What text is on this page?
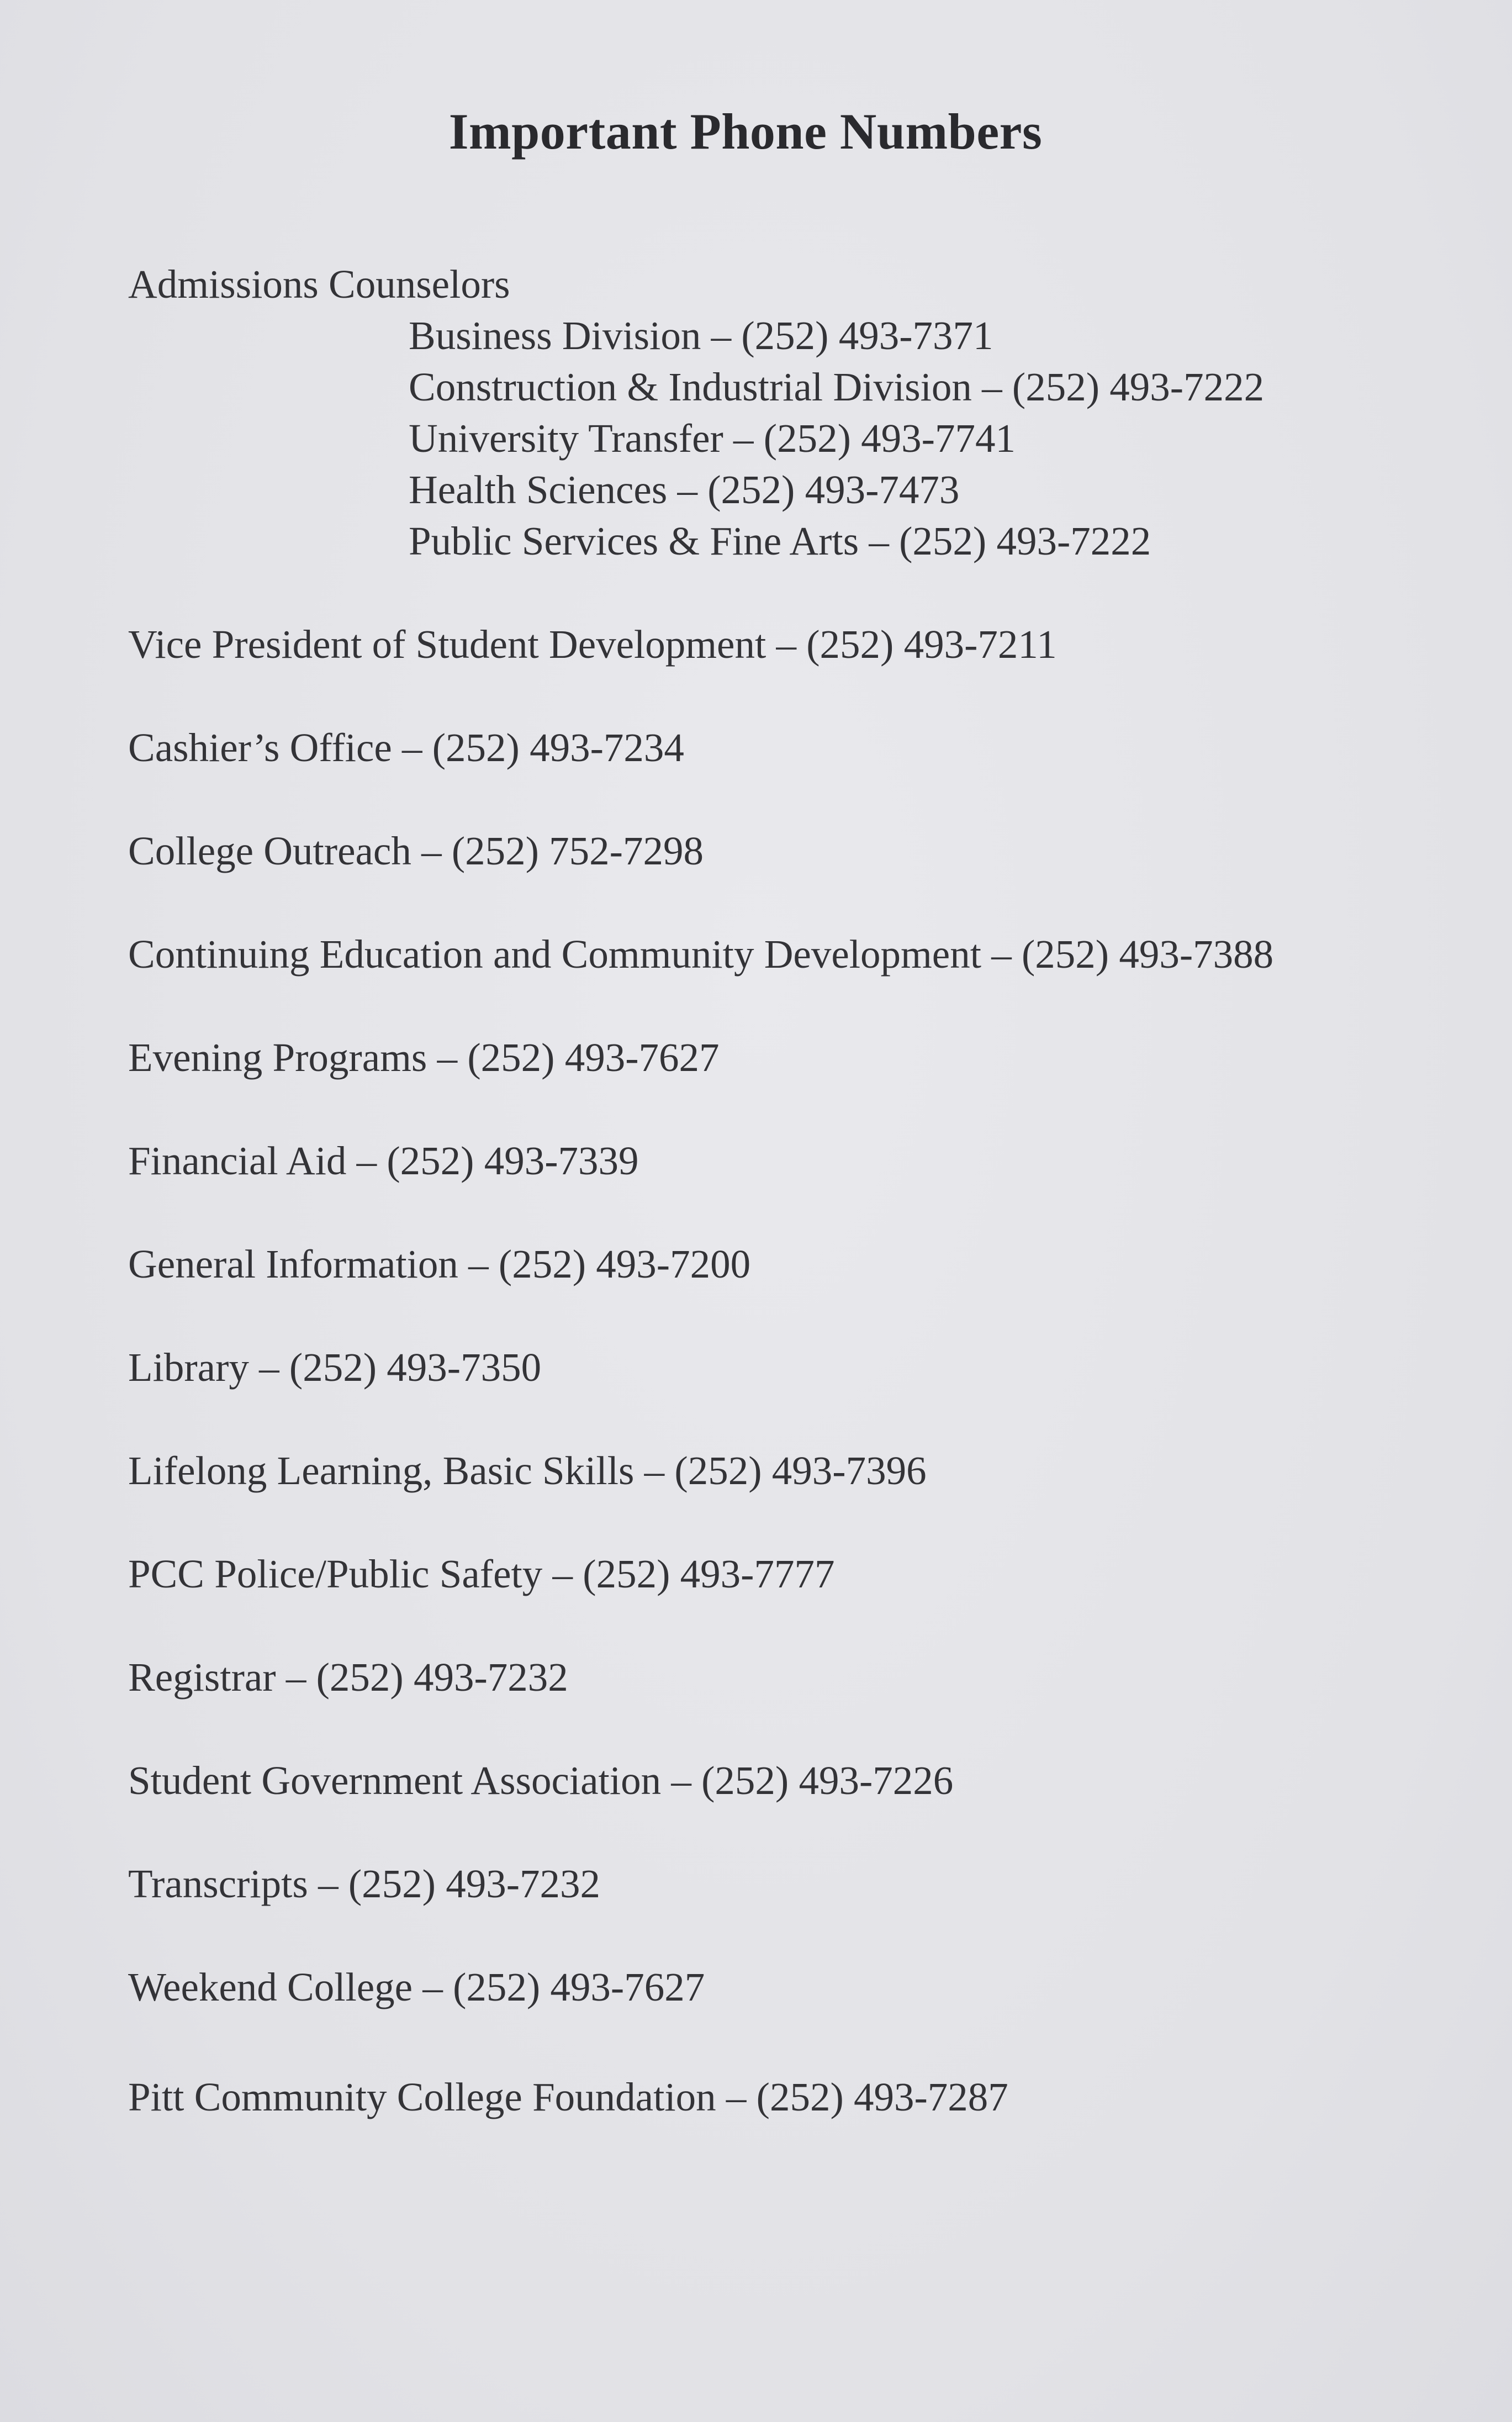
Important Phone Numbers
Admissions Counselors
Business Division – (252) 493-7371
Construction & Industrial Division – (252) 493-7222
University Transfer – (252) 493-7741
Health Sciences – (252) 493-7473
Public Services & Fine Arts – (252) 493-7222
Vice President of Student Development – (252) 493-7211
Cashier’s Office – (252) 493-7234
College Outreach – (252) 752-7298
Continuing Education and Community Development – (252) 493-7388
Evening Programs – (252) 493-7627
Financial Aid – (252) 493-7339
General Information – (252) 493-7200
Library – (252) 493-7350
Lifelong Learning, Basic Skills – (252) 493-7396
PCC Police/Public Safety – (252) 493-7777
Registrar – (252) 493-7232
Student Government Association – (252) 493-7226
Transcripts – (252) 493-7232
Weekend College – (252) 493-7627
Pitt Community College Foundation – (252) 493-7287
